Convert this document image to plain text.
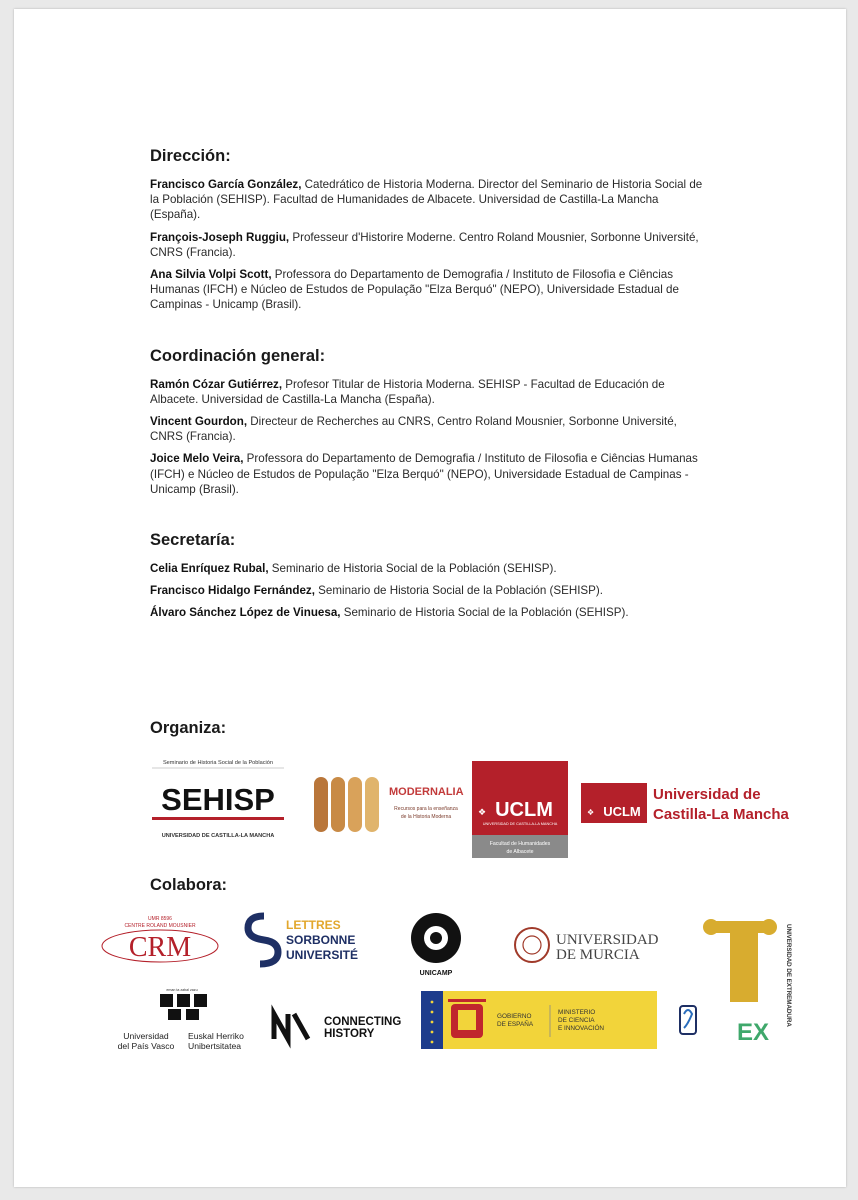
Dirección:

Francisco García González, Catedrático de Historia Moderna. Director del Seminario de Historia Social de la Población (SEHISP). Facultad de Humanidades de Albacete. Universidad de Castilla-La Mancha (España).

François-Joseph Ruggiu, Professeur d'Historire Moderne. Centro Roland Mousnier, Sorbonne Université, CNRS (Francia).

Ana Silvia Volpi Scott, Professora do Departamento de Demografia / Instituto de Filosofia e Ciências Humanas (IFCH) e Núcleo de Estudos de População "Elza Berquó" (NEPO), Universidade Estadual de Campinas - Unicamp (Brasil).

Coordinación general:

Ramón Cózar Gutiérrez, Profesor Titular de Historia Moderna. SEHISP - Facultad de Educación de Albacete. Universidad de Castilla-La Mancha (España).

Vincent Gourdon, Directeur de Recherches au CNRS, Centro Roland Mousnier, Sorbonne Université, CNRS (Francia).

Joice Melo Veira, Professora do Departamento de Demografia / Instituto de Filosofia e Ciências Humanas (IFCH) e Núcleo de Estudos de População "Elza Berquó" (NEPO), Universidade Estadual de Campinas - Unicamp (Brasil).

Secretaría:

Celia Enríquez Rubal, Seminario de Historia Social de la Población (SEHISP).

Francisco Hidalgo Fernández, Seminario de Historia Social de la Población (SEHISP).

Álvaro Sánchez López de Vinuesa, Seminario de Historia Social de la Población (SEHISP).

Organiza:
Seminario de Historia Social de la Población
SEHISP
UNIVERSIDAD DE CASTILLA-LA MANCHA
MODERNALIA
Recursos para la enseñanza
de la Historia Moderna	❖ UCLM
UNIVERSIDAD DE CASTILLA-LA MANCHA
Facultad de Humanidades
de Albacete
❖ UCLM
Universidad de
Castilla-La Mancha
Colabora:
UMR 8596
CENTRE ROLAND MOUSNIER
CRM
LETTRES
SORBONNE
UNIVERSITÉ
UNICAMP
UNIVERSIDAD
DE MURCIA
EX
UNIVERSIDAD DE EXTREMADURA
eman ta zabal zazu
Universidad
del País Vasco
Euskal Herriko
Unibertsitatea
CONNECTING
HISTORY
GOBIERNO
DE ESPAÑA
MINISTERIO
DE CIENCIA
E INNOVACIÓN
